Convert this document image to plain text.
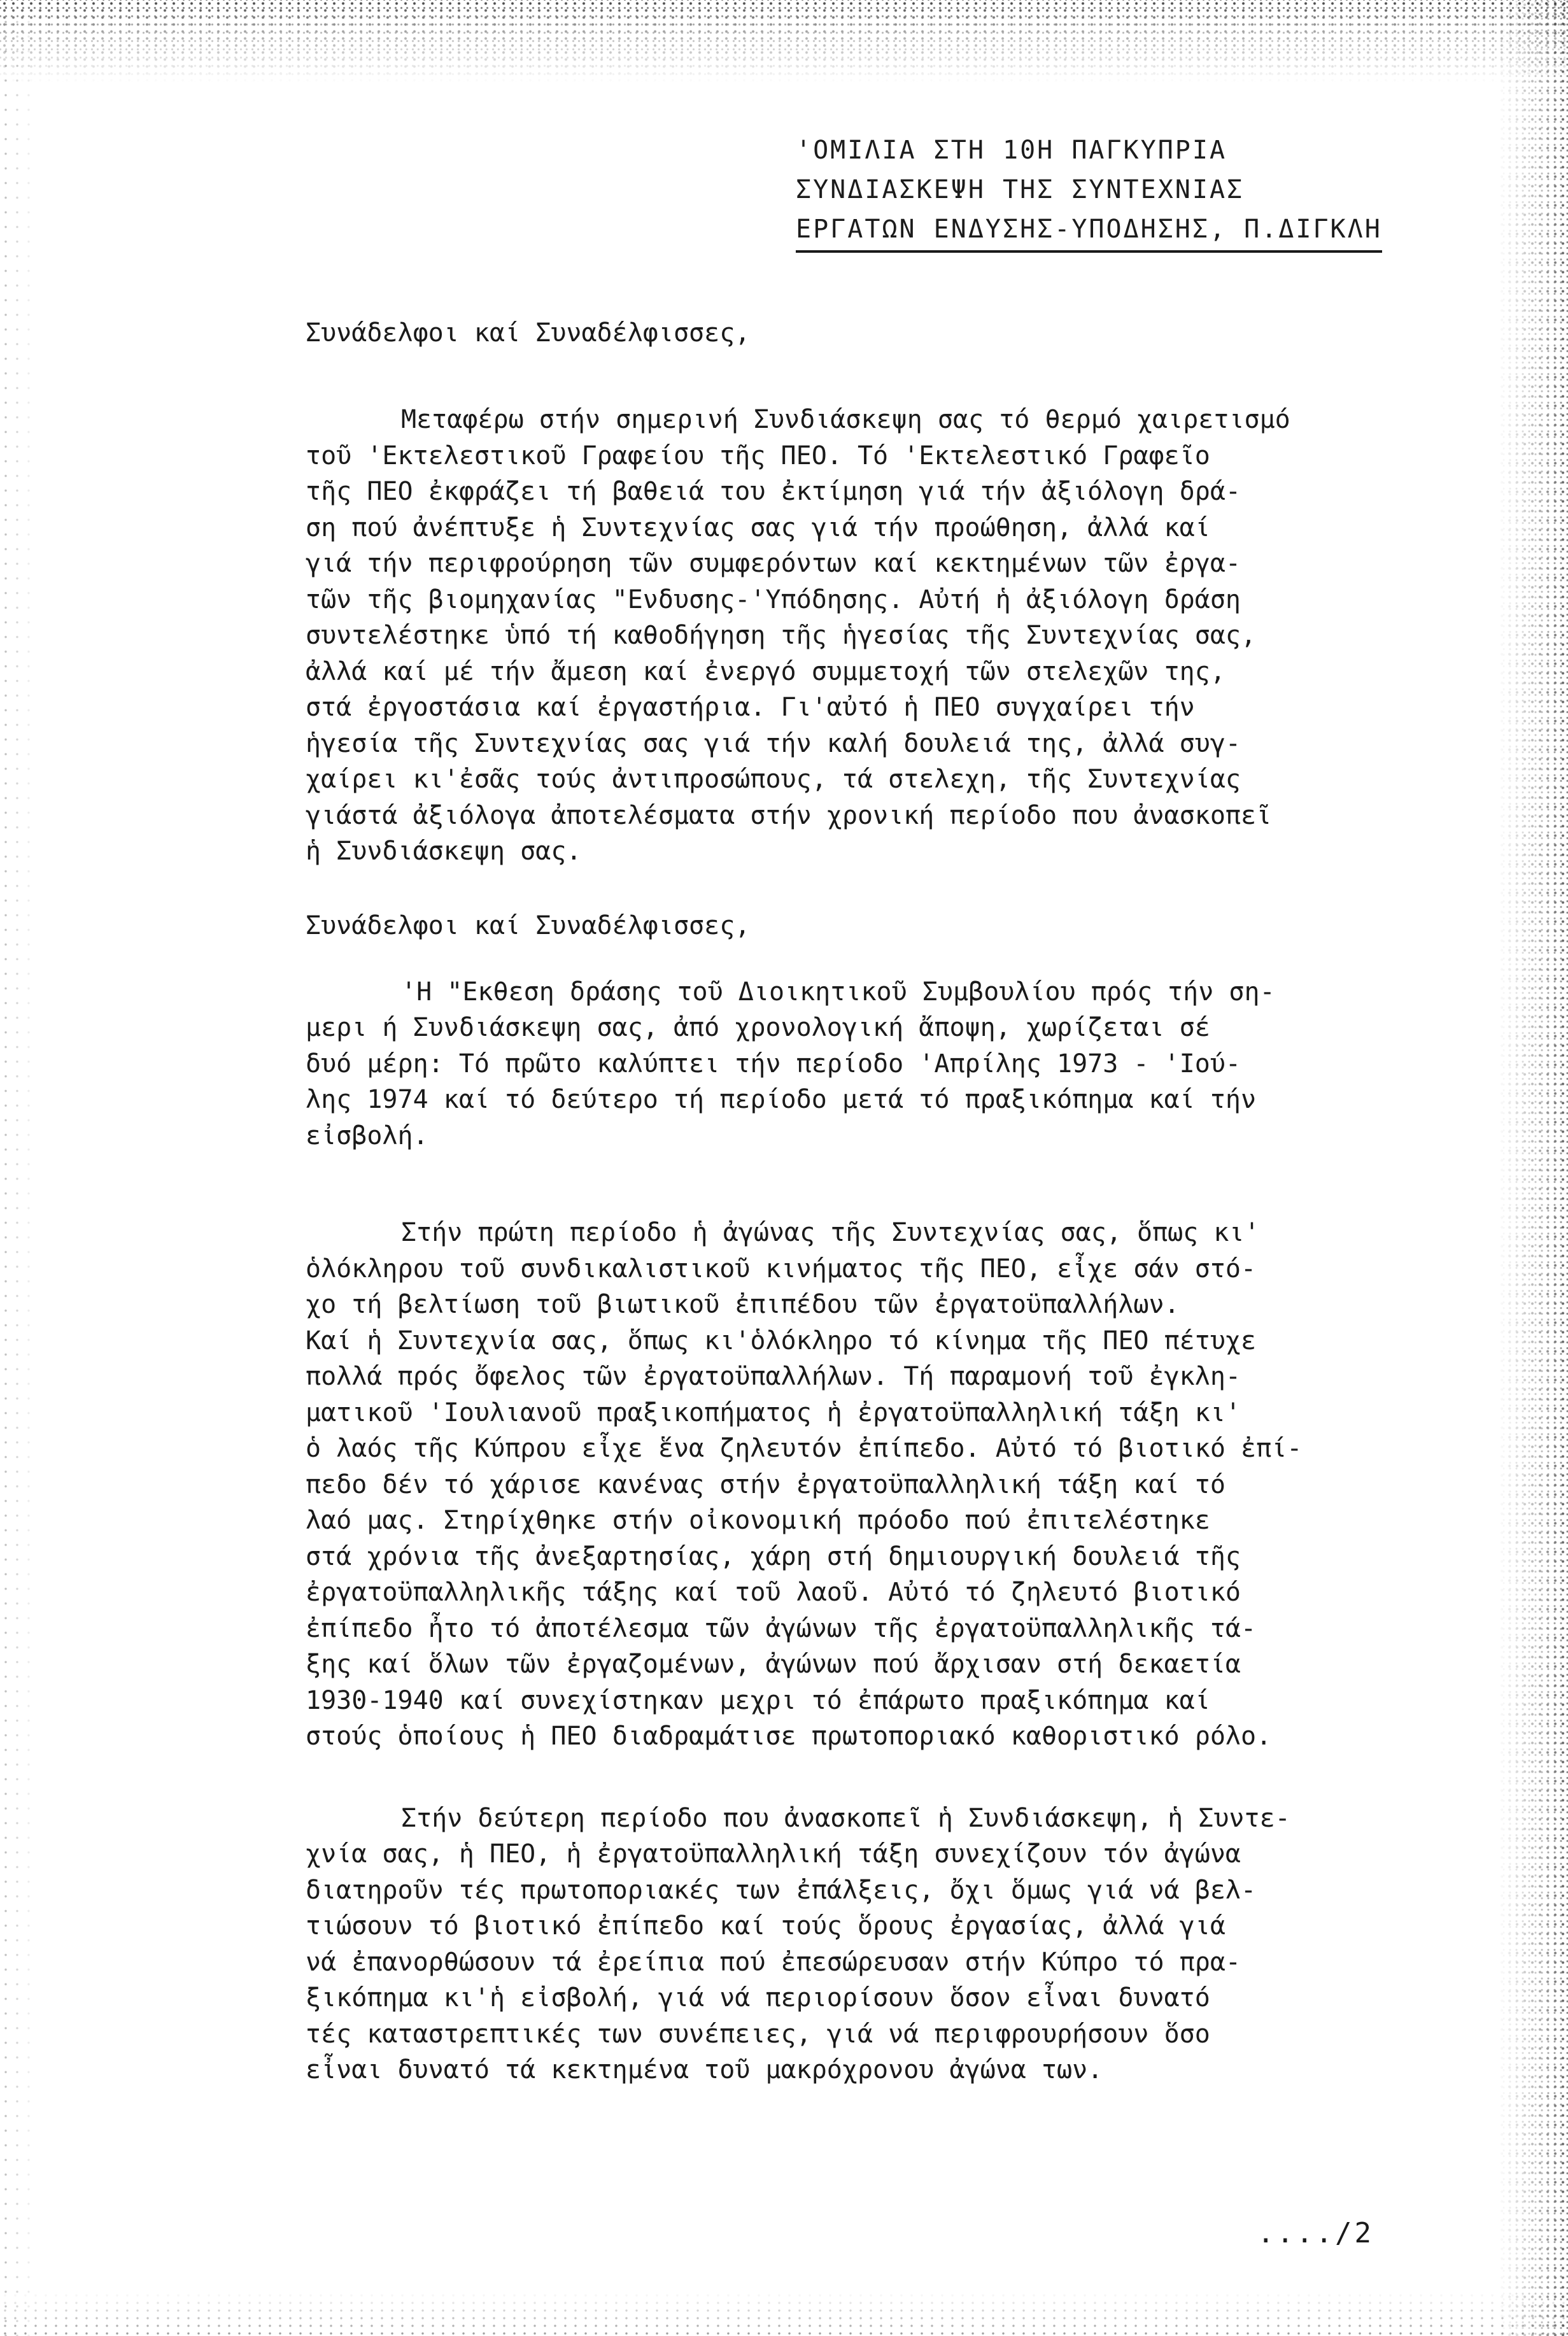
'ΟΜΙΛΙΑ ΣΤΗ 10Η ΠΑΓΚΥΠΡΙΑ
ΣΥΝΔΙΑΣΚΕΨΗ ΤΗΣ ΣΥΝΤΕΧΝΙΑΣ
ΕΡΓΑΤΩΝ ΕΝΔΥΣΗΣ-ΥΠΟΔΗΣΗΣ, Π.ΔΙΓΚΛΗ

Συνάδελφοι καί Συναδέλφισσες,

Μεταφέρω στήν σημερινή Συνδιάσκεψη σας τό θερμό χαιρετισμό
τοῦ 'Εκτελεστικοῦ Γραφείου τῆς ΠΕΟ. Τό 'Εκτελεστικό Γραφεῖο
τῆς ΠΕΟ ἐκφράζει τή βαθειά του ἐκτίμηση γιά τήν ἀξιόλογη δρά-
ση πού ἀνέπτυξε ἡ Συντεχνίας σας γιά τήν προώθηση, ἀλλά καί
γιά τήν περιφρούρηση τῶν συμφερόντων καί κεκτημένων τῶν ἐργα-
τῶν τῆς βιομηχανίας "Ενδυσης-'Υπόδησης. Αὐτή ἡ ἀξιόλογη δράση
συντελέστηκε ὑπό τή καθοδήγηση τῆς ἡγεσίας τῆς Συντεχνίας σας,
ἀλλά καί μέ τήν ἄμεση καί ἐνεργό συμμετοχή τῶν στελεχῶν της,
στά ἐργοστάσια καί ἐργαστήρια. Γι'αὐτό ἡ ΠΕΟ συγχαίρει τήν
ἡγεσία τῆς Συντεχνίας σας γιά τήν καλή δουλειά της, ἀλλά συγ-
χαίρει κι'ἐσᾶς τούς ἀντιπροσώπους, τά στελεχη, τῆς Συντεχνίας
γιάστά ἀξιόλογα ἀποτελέσματα στήν χρονική περίοδο που ἀνασκοπεῖ
ἡ Συνδιάσκεψη σας.

Συνάδελφοι καί Συναδέλφισσες,

'Η "Εκθεση δράσης τοῦ Διοικητικοῦ Συμβουλίου πρός τήν ση-
μερι ή Συνδιάσκεψη σας, ἀπό χρονολογική ἄποψη, χωρίζεται σέ
δυό μέρη: Τό πρῶτο καλύπτει τήν περίοδο 'Απρίλης 1973 - 'Ιού-
λης 1974 καί τό δεύτερο τή περίοδο μετά τό πραξικόπημα καί τήν
εἰσβολή.
Στήν πρώτη περίοδο ἡ ἀγώνας τῆς Συντεχνίας σας, ὅπως κι'
ὁλόκληρου τοῦ συνδικαλιστικοῦ κινήματος τῆς ΠΕΟ, εἶχε σάν στό-
χο τή βελτίωση τοῦ βιωτικοῦ ἐπιπέδου τῶν ἐργατοϋπαλλήλων.
Καί ἡ Συντεχνία σας, ὅπως κι'ὁλόκληρο τό κίνημα τῆς ΠΕΟ πέτυχε
πολλά πρός ὄφελος τῶν ἐργατοϋπαλλήλων. Τή παραμονή τοῦ ἐγκλη-
ματικοῦ 'Ιουλιανοῦ πραξικοπήματος ἡ ἐργατοϋπαλληλική τάξη κι'
ὁ λαός τῆς Κύπρου εἶχε ἕνα ζηλευτόν ἐπίπεδο. Αὐτό τό βιοτικό ἐπί-
πεδο δέν τό χάρισε κανένας στήν ἐργατοϋπαλληλική τάξη καί τό
λαό μας. Στηρίχθηκε στήν οἰκονομική πρόοδο πού ἐπιτελέστηκε
στά χρόνια τῆς ἀνεξαρτησίας, χάρη στή δημιουργική δουλειά τῆς
ἐργατοϋπαλληλικῆς τάξης καί τοῦ λαοῦ. Αὐτό τό ζηλευτό βιοτικό
ἐπίπεδο ἦτο τό ἀποτέλεσμα τῶν ἀγώνων τῆς ἐργατοϋπαλληλικῆς τά-
ξης καί ὅλων τῶν ἐργαζομένων, ἀγώνων πού ἄρχισαν στή δεκαετία
1930-1940 καί συνεχίστηκαν μεχρι τό ἐπάρωτο πραξικόπημα καί
στούς ὁποίους ἡ ΠΕΟ διαδραμάτισε πρωτοποριακό καθοριστικό ρόλο.
Στήν δεύτερη περίοδο που ἀνασκοπεῖ ἡ Συνδιάσκεψη, ἡ Συντε-
χνία σας, ἡ ΠΕΟ, ἡ ἐργατοϋπαλληλική τάξη συνεχίζουν τόν ἀγώνα
διατηροῦν τές πρωτοποριακές των ἐπάλξεις, ὄχι ὅμως γιά νά βελ-
τιώσουν τό βιοτικό ἐπίπεδο καί τούς ὅρους ἐργασίας, ἀλλά γιά
νά ἐπανορθώσουν τά ἐρείπια πού ἐπεσώρευσαν στήν Κύπρο τό πρα-
ξικόπημα κι'ἡ εἰσβολή, γιά νά περιορίσουν ὅσον εἶναι δυνατό
τές καταστρεπτικές των συνέπειες, γιά νά περιφρουρήσουν ὅσο
εἶναι δυνατό τά κεκτημένα τοῦ μακρόχρονου ἀγώνα των.
..../2
